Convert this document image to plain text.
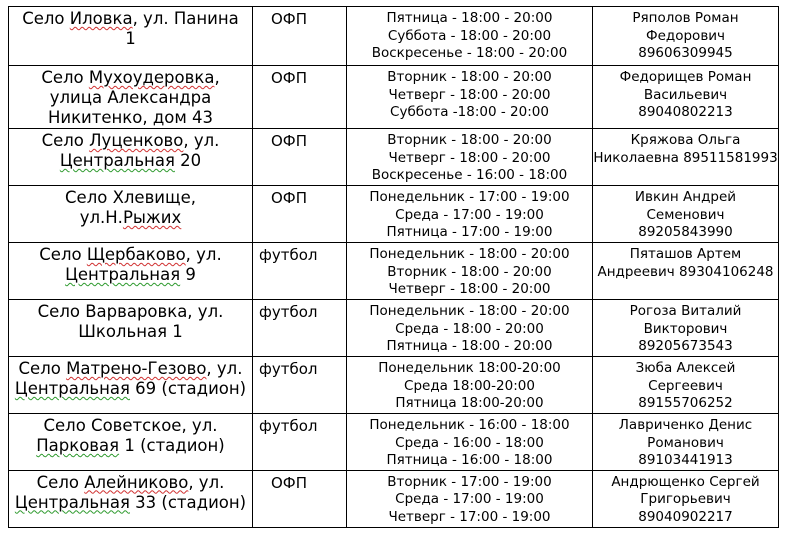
Село Иловка, ул. Панина
1	ОФП	Пятница - 18:00 - 20:00
Суббота - 18:00 - 20:00
Воскресенье - 18:00 - 20:00	Ряполов Роман
Федорович
89606309945

Село Мухоудеровка,
улица Александра
Никитенко, дом 43	ОФП	Вторник - 18:00 - 20:00
Четверг - 18:00 - 20:00
Суббота -18:00 - 20:00	Федорищев Роман
Васильевич
89040802213

Село Луценково, ул.
Центральная 20	ОФП	Вторник - 18:00 - 20:00
Четверг - 18:00 - 20:00
Воскресенье - 16:00 - 18:00	Кряжова Ольга
Николаевна 89511581993

Село Хлевище,
ул.Н.Рыжих	ОФП	Понедельник - 17:00 - 19:00
Среда - 17:00 - 19:00
Пятница - 17:00 - 19:00	Ивкин Андрей
Семенович
89205843990

Село Щербаково, ул.
Центральная 9	футбол	Понедельник - 18:00 - 20:00
Вторник - 18:00 - 20:00
Четверг - 18:00 - 20:00	Пяташов Артем
Андреевич 89304106248

Село Варваровка, ул.
Школьная 1	футбол	Понедельник - 18:00 - 20:00
Среда - 18:00 - 20:00
Пятница - 18:00 - 20:00	Рогоза Виталий
Викторович
89205673543

Село Матрено-Гезово, ул.
Центральная 69 (стадион)	футбол	Понедельник 18:00-20:00
Среда 18:00-20:00
Пятница 18:00-20:00	Зюба Алексей
Сергеевич
89155706252

Село Советское, ул.
Парковая 1 (стадион)	футбол	Понедельник - 16:00 - 18:00
Среда - 16:00 - 18:00
Пятница - 16:00 - 18:00	Лавриченко Денис
Романович
89103441913

Село Алейниково, ул.
Центральная 33 (стадион)	ОФП	Вторник - 17:00 - 19:00
Среда - 17:00 - 19:00
Четверг - 17:00 - 19:00	Андрющенко Сергей
Григорьевич
89040902217
